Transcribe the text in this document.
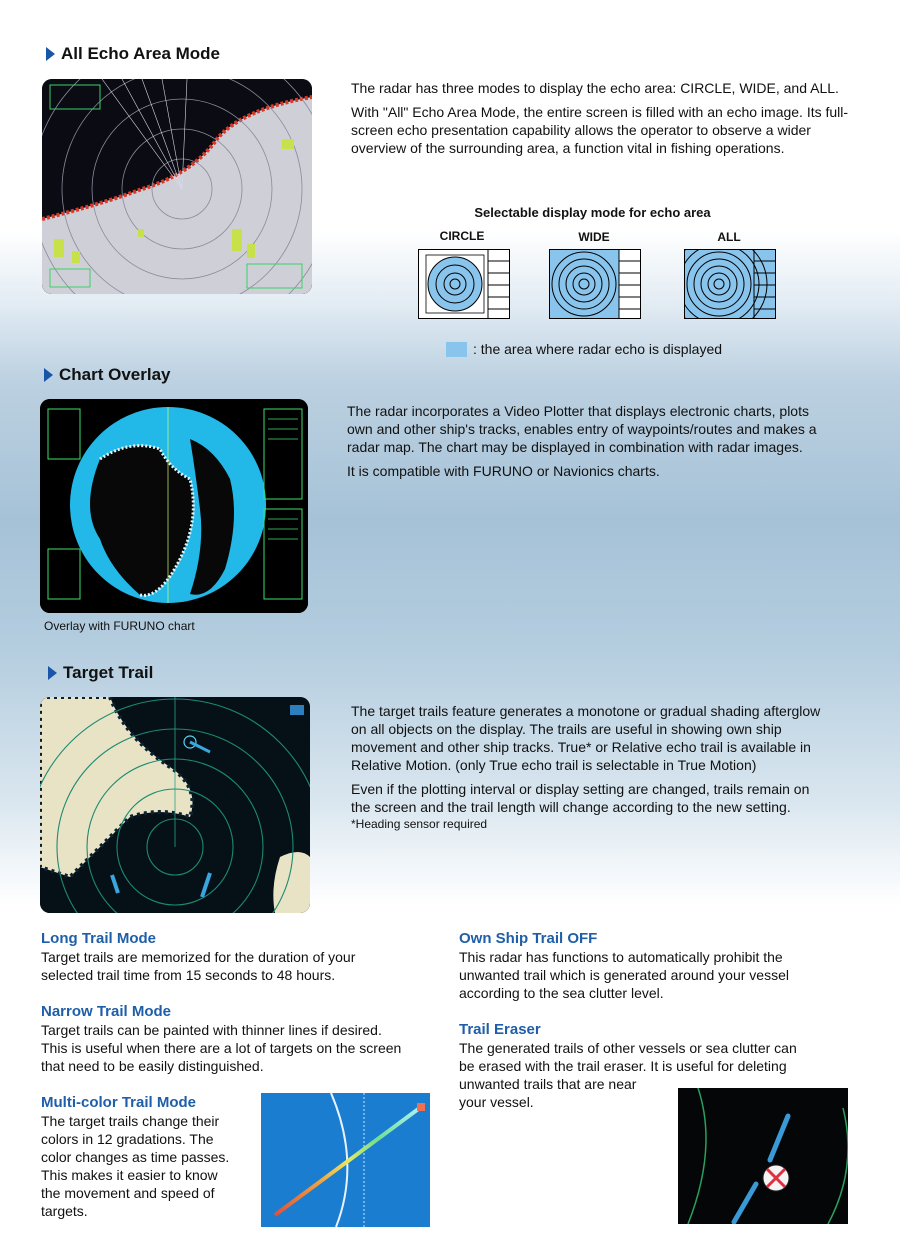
All Echo Area Mode

The radar has three modes to display the echo area: CIRCLE, WIDE, and ALL.

With "All" Echo Area Mode, the entire screen is filled with an echo image. Its full-screen echo presentation capability allows the operator to observe a wider overview of the surrounding area, a function vital in fishing operations.

Selectable display mode for echo area
CIRCLE	WIDE	ALL
: the area where radar echo is displayed
Chart Overlay
Overlay with FURUNO chart

The radar incorporates a Video Plotter that displays electronic charts, plots own and other ship's tracks, enables entry of waypoints/routes and makes a radar map. The chart may be displayed in combination with radar images.

It is compatible with FURUNO or Navionics charts.

Target Trail

The target trails feature generates a monotone or gradual shading afterglow on all objects on the display. The trails are useful in showing own ship movement and other ship tracks. True* or Relative echo trail is available in Relative Motion. (only True echo trail is selectable in True Motion)

Even if the plotting interval or display setting are changed, trails remain on the screen and the trail length will change according to the new setting.

*Heading sensor required
Long Trail Mode
Target trails are memorized for the duration of your
selected trail time from 15 seconds to 48 hours.
Narrow Trail Mode
Target trails can be painted with thinner lines if desired.
This is useful when there are a lot of targets on the screen
that need to be easily distinguished.
Multi-color Trail Mode
The target trails change their
colors in 12 gradations. The
color changes as time passes.
This makes it easier to know
the movement and speed of
targets.
Own Ship Trail OFF
This radar has functions to automatically prohibit the
unwanted trail which is generated around your vessel
according to the sea clutter level.
Trail Eraser
The generated trails of other vessels or sea clutter can
be erased with the trail eraser. It is useful for deleting
unwanted trails that are near
your vessel.
